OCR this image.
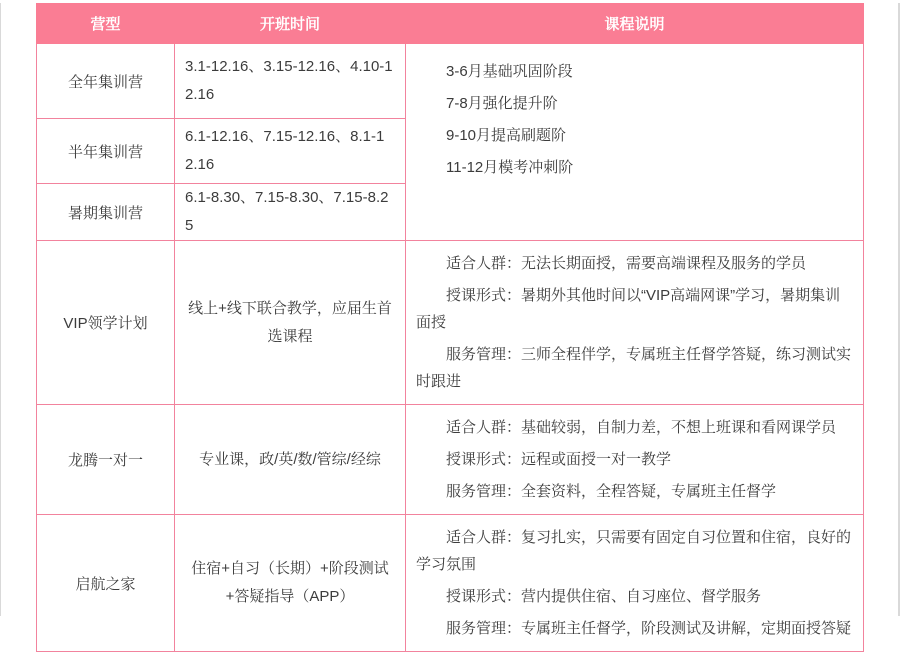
营型	开班时间	课程说明
全年集训营	3.1-12.16、3.15-12.16、4.10-12.16	3-6月基础巩固阶段

7-8月强化提升阶

9-10月提高刷题阶

11-12月模考冲刺阶

半年集训营	6.1-12.16、7.15-12.16、8.1-12.16	
暑期集训营	6.1-8.30、7.15-8.30、7.15-8.25	
VIP领学计划	线上+线下联合教学，应届生首选课程	适合人群：无法长期面授，需要高端课程及服务的学员

授课形式：暑期外其他时间以“VIP高端网课”学习，暑期集训面授

服务管理：三师全程伴学，专属班主任督学答疑，练习测试实时跟进

龙腾一对一	专业课，政/英/数/管综/经综	适合人群：基础较弱，自制力差，不想上班课和看网课学员

授课形式：远程或面授一对一教学

服务管理：全套资料，全程答疑，专属班主任督学

启航之家	住宿+自习（长期）+阶段测试+答疑指导（APP）	适合人群：复习扎实，只需要有固定自习位置和住宿，良好的学习氛围

授课形式：营内提供住宿、自习座位、督学服务

服务管理：专属班主任督学，阶段测试及讲解，定期面授答疑
